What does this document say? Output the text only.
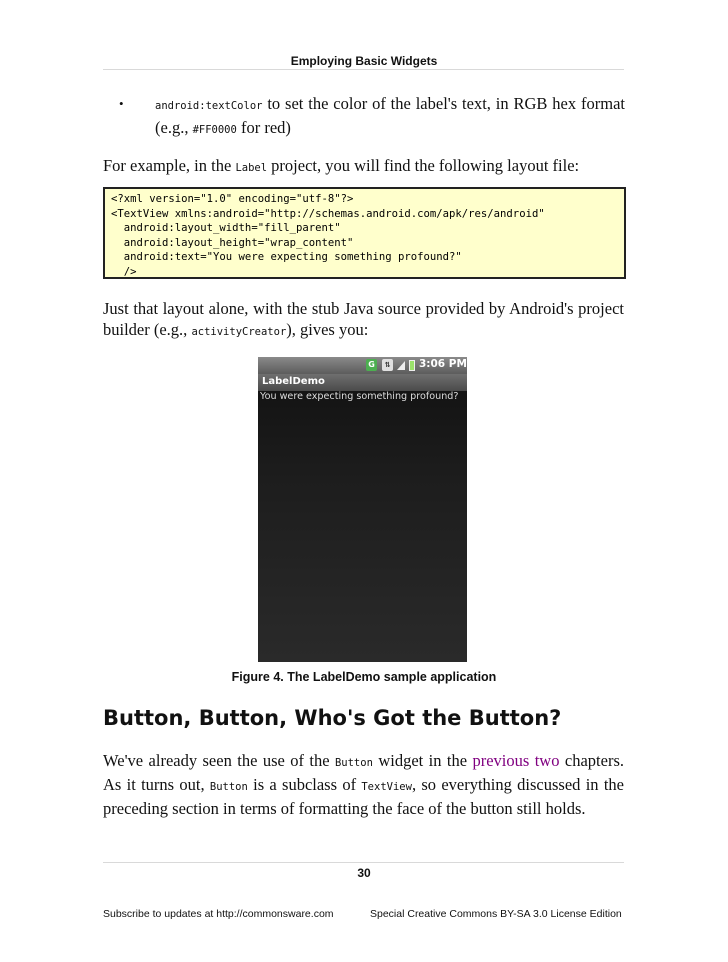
Employing Basic Widgets
•	android:textColor to set the color of the label's text, in RGB hex format (e.g., #FF0000 for red)
For example, in the Label project, you will find the following layout file:
<?xml version="1.0" encoding="utf-8"?>
<TextView xmlns:android="http://schemas.android.com/apk/res/android"
android:layout_width="fill_parent"
android:layout_height="wrap_content"
android:text="You were expecting something profound?"
/>
Just that layout alone, with the stub Java source provided by Android's project builder (e.g., activityCreator), gives you:
G	⇅	3:06 PM
LabelDemo
You were expecting something profound?
Figure 4. The LabelDemo sample application
Button, Button, Who's Got the Button?
We've already seen the use of the Button widget in the previous two chapters. As it turns out, Button is a subclass of TextView, so everything discussed in the preceding section in terms of formatting the face of the button still holds.
30
Subscribe to updates at http://commonsware.com	Special Creative Commons BY-SA 3.0 License Edition
